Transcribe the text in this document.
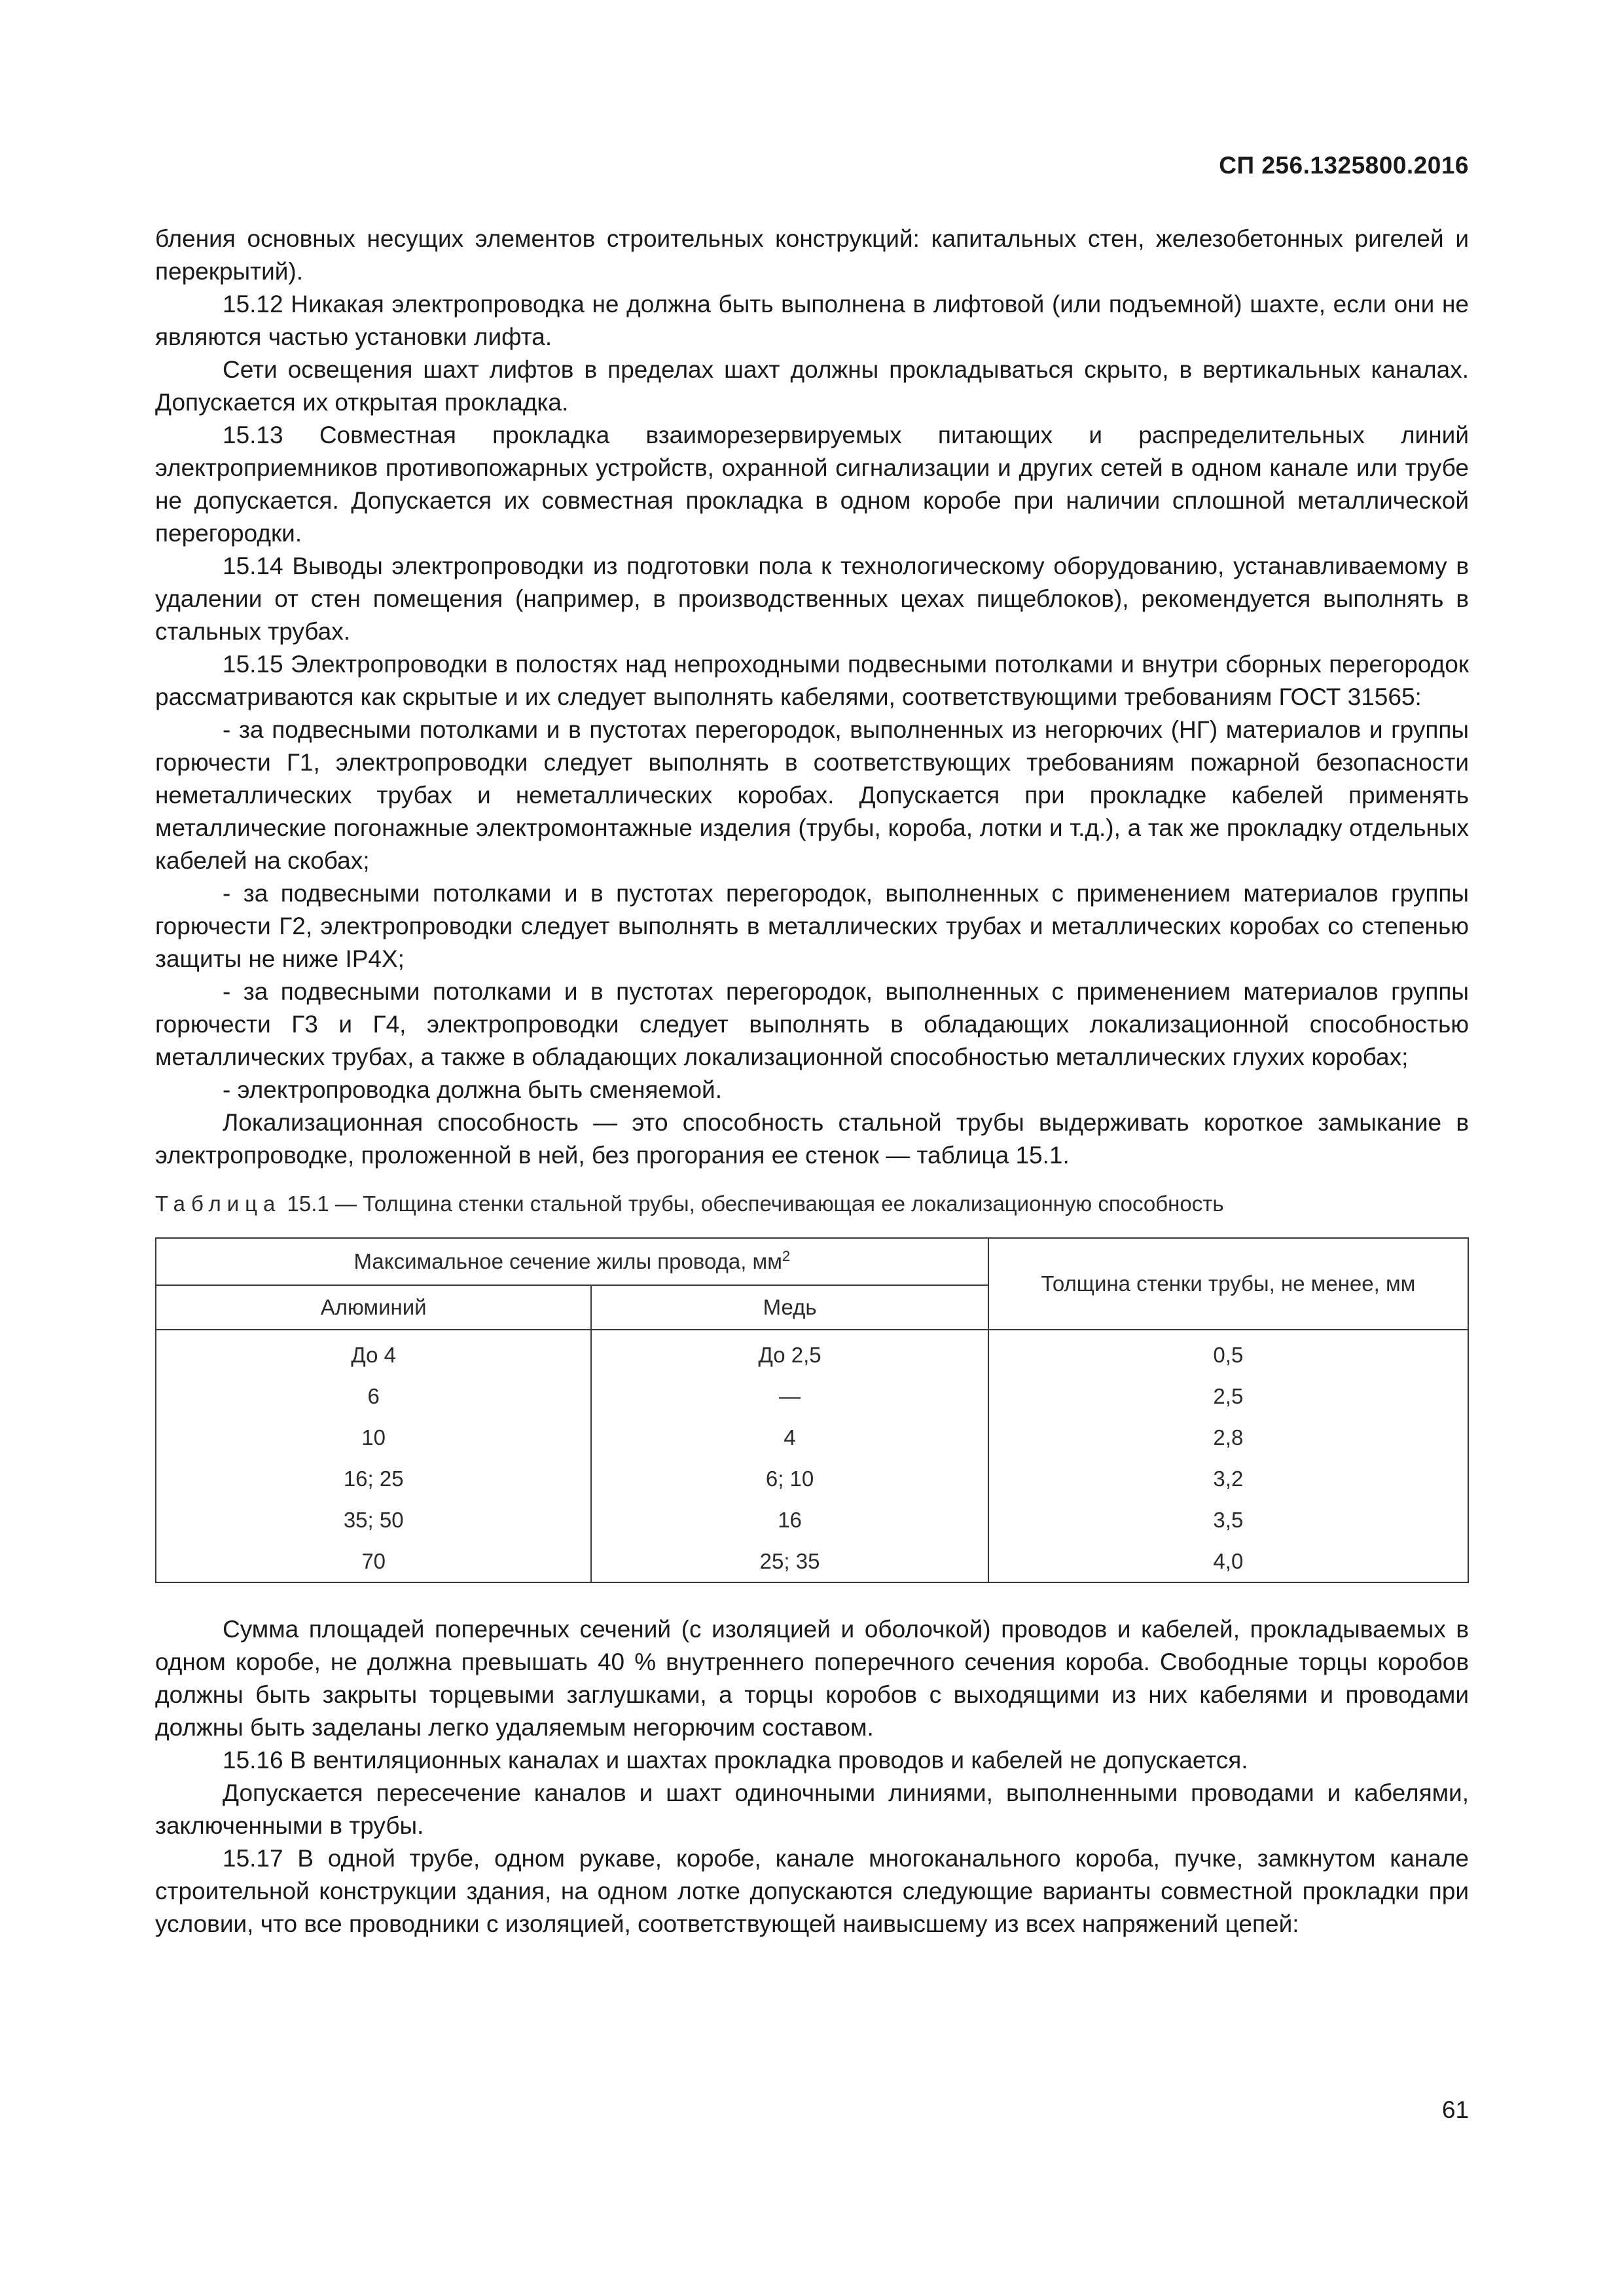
СП 256.1325800.2016

бления основных несущих элементов строительных конструкций: капитальных стен, железобетонных ригелей и перекрытий).

15.12 Никакая электропроводка не должна быть выполнена в лифтовой (или подъемной) шахте, если они не являются частью установки лифта.

Сети освещения шахт лифтов в пределах шахт должны прокладываться скрыто, в вертикальных каналах. Допускается их открытая прокладка.

15.13 Совместная прокладка взаиморезервируемых питающих и распределительных линий электроприемников противопожарных устройств, охранной сигнализации и других сетей в одном канале или трубе не допускается. Допускается их совместная прокладка в одном коробе при наличии сплошной металлической перегородки.

15.14 Выводы электропроводки из подготовки пола к технологическому оборудованию, устанавливаемому в удалении от стен помещения (например, в производственных цехах пищеблоков), рекомендуется выполнять в стальных трубах.

15.15 Электропроводки в полостях над непроходными подвесными потолками и внутри сборных перегородок рассматриваются как скрытые и их следует выполнять кабелями, соответствующими требованиям ГОСТ 31565:

- за подвесными потолками и в пустотах перегородок, выполненных из негорючих (НГ) материалов и группы горючести Г1, электропроводки следует выполнять в соответствующих требованиям пожарной безопасности неметаллических трубах и неметаллических коробах. Допускается при прокладке кабелей применять металлические погонажные электромонтажные изделия (трубы, короба, лотки и т.д.), а так же прокладку отдельных кабелей на скобах;

- за подвесными потолками и в пустотах перегородок, выполненных с применением материалов группы горючести Г2, электропроводки следует выполнять в металлических трубах и металлических коробах со степенью защиты не ниже IP4X;

- за подвесными потолками и в пустотах перегородок, выполненных с применением материалов группы горючести Г3 и Г4, электропроводки следует выполнять в обладающих локализационной способностью металлических трубах, а также в обладающих локализационной способностью металлических глухих коробах;

- электропроводка должна быть сменяемой.

Локализационная способность — это способность стальной трубы выдерживать короткое замыкание в электропроводке, проложенной в ней, без прогорания ее стенок — таблица 15.1.

Таблица 15.1 — Толщина стенки стальной трубы, обеспечивающая ее локализационную способность

Максимальное сечение жилы провода, $мм^2$		Толщина стенки трубы, не менее, мм
Алюминий	Медь	
До 4	До 2,5	0,5
6	—	2,5
10	4	2,8
16; 25	6; 10	3,2
35; 50	16	3,5
70	25; 35	4,0

Сумма площадей поперечных сечений (с изоляцией и оболочкой) проводов и кабелей, прокладываемых в одном коробе, не должна превышать 40 % внутреннего поперечного сечения короба. Свободные торцы коробов должны быть закрыты торцевыми заглушками, а торцы коробов с выходящими из них кабелями и проводами должны быть заделаны легко удаляемым негорючим составом.

15.16 В вентиляционных каналах и шахтах прокладка проводов и кабелей не допускается.

Допускается пересечение каналов и шахт одиночными линиями, выполненными проводами и кабелями, заключенными в трубы.

15.17 В одной трубе, одном рукаве, коробе, канале многоканального короба, пучке, замкнутом канале строительной конструкции здания, на одном лотке допускаются следующие варианты совместной прокладки при условии, что все проводники с изоляцией, соответствующей наивысшему из всех напряжений цепей:

61
